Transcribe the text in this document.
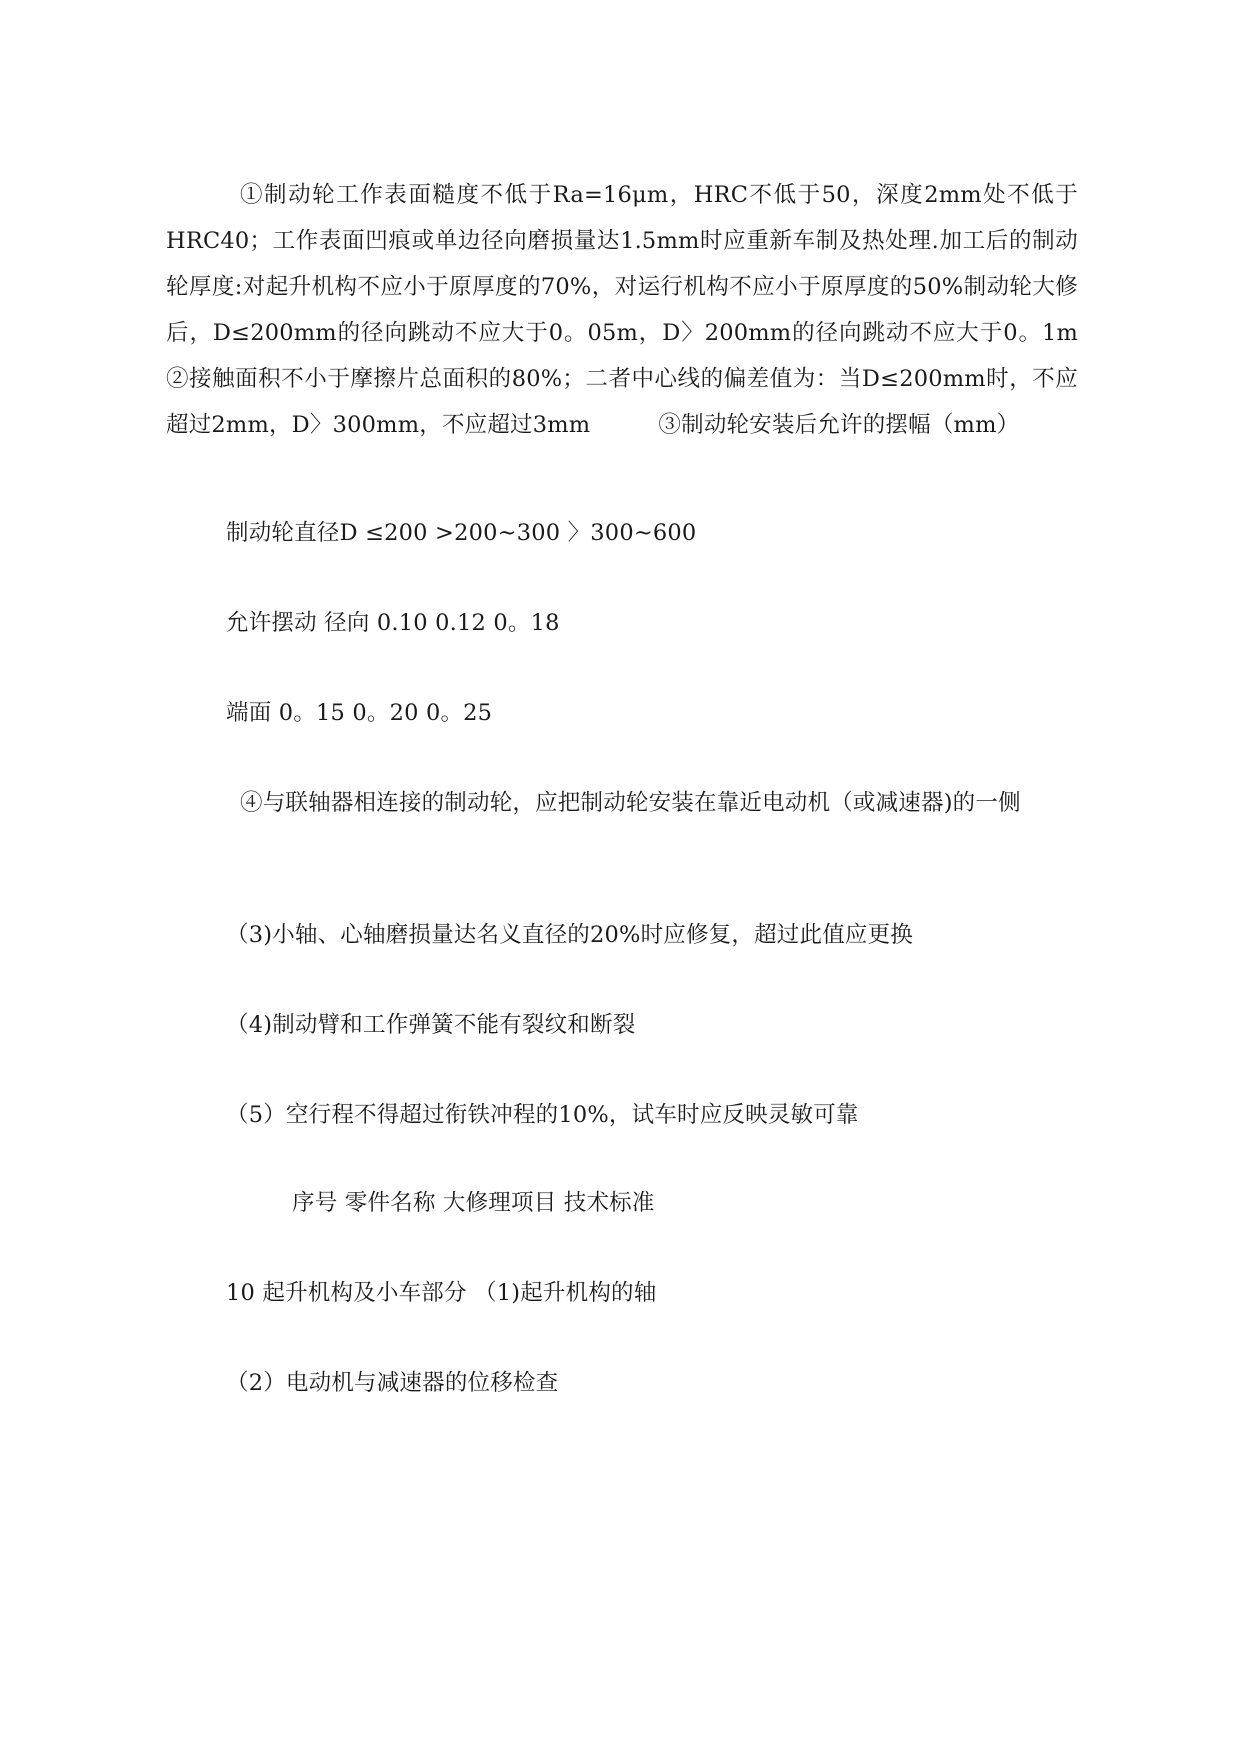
①制动轮工作表面糙度不低于Ra=16μm，HRC不低于50，深度2mm处不低于HRC40；工作表面凹痕或单边径向磨损量达1.5mm时应重新车制及热处理.加工后的制动轮厚度:对起升机构不应小于原厚度的70%，对运行机构不应小于原厚度的50%制动轮大修后，D≤200mm的径向跳动不应大于0。05m，D〉200mm的径向跳动不应大于0。1m　　　②接触面积不小于摩擦片总面积的80%；二者中心线的偏差值为：当D≤200mm时，不应超过2mm，D〉300mm，不应超过3mm　　　③制动轮安装后允许的摆幅（mm）
制动轮直径D ≤200 >200~300 〉300~600
允许摆动 径向 0.10 0.12 0。18
端面 0。15 0。20 0。25
④与联轴器相连接的制动轮，应把制动轮安装在靠近电动机（或减速器)的一侧
（3)小轴、心轴磨损量达名义直径的20%时应修复，超过此值应更换
（4)制动臂和工作弹簧不能有裂纹和断裂
（5）空行程不得超过衔铁冲程的10%，试车时应反映灵敏可靠
序号 零件名称 大修理项目 技术标准
10 起升机构及小车部分 （1)起升机构的轴
（2）电动机与减速器的位移检查
